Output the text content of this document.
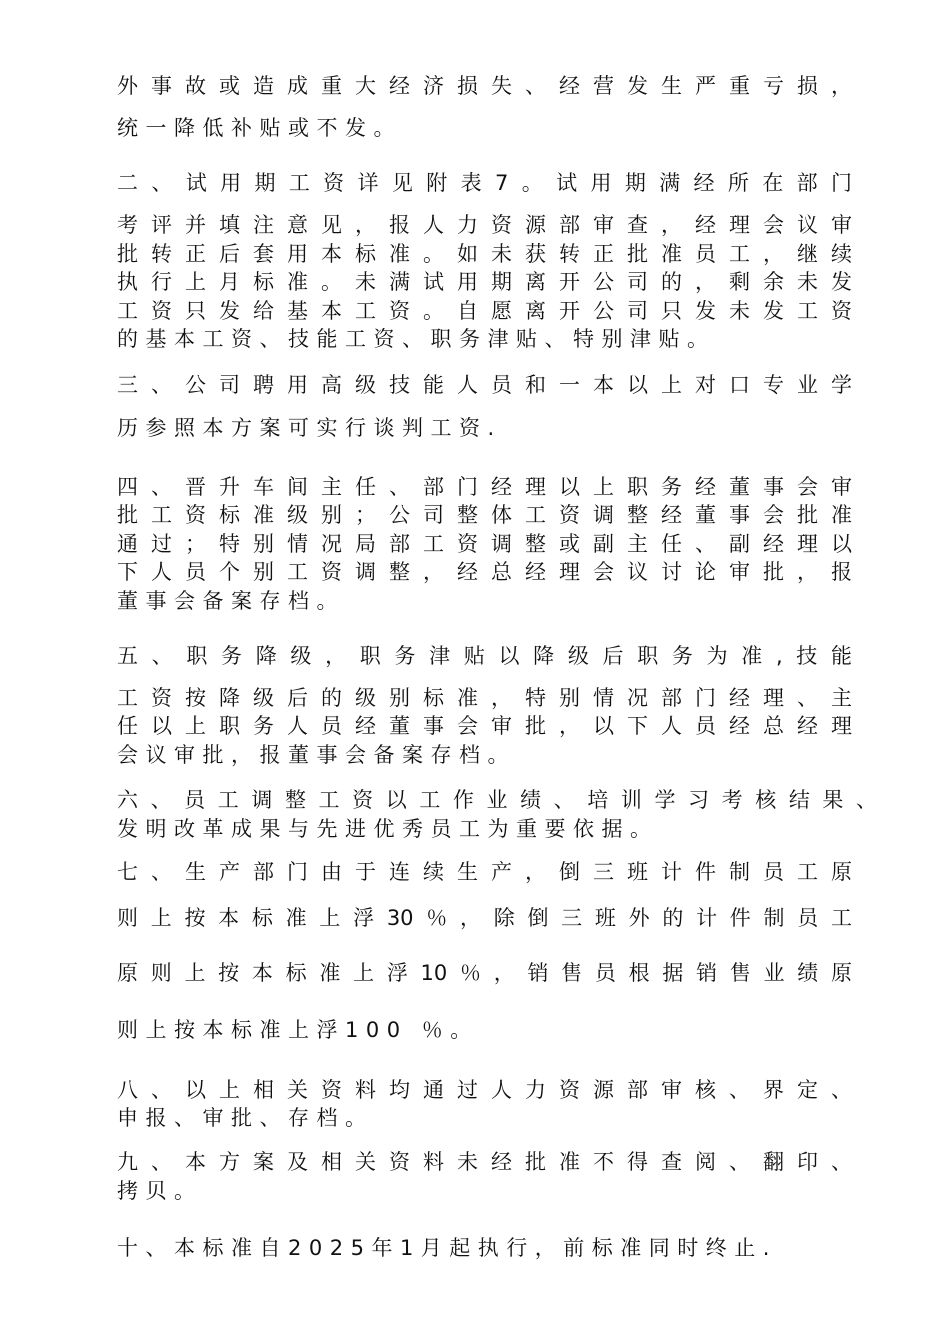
外事故或造成重大经济损失、经营发生严重亏损，
统一降低补贴或不发。
二、试用期工资详见附表7。试用期满经所在部门
考评并填注意见，报人力资源部审查，经理会议审
批转正后套用本标准。如未获转正批准员工，继续
执行上月标准。未满试用期离开公司的，剩余未发
工资只发给基本工资。自愿离开公司只发未发工资
的基本工资、技能工资、职务津贴、特别津贴。
三、公司聘用高级技能人员和一本以上对口专业学
历参照本方案可实行谈判工资.
四、晋升车间主任、部门经理以上职务经董事会审
批工资标准级别；公司整体工资调整经董事会批准
通过；特别情况局部工资调整或副主任、副经理以
下人员个别工资调整，经总经理会议讨论审批，报
董事会备案存档。
五、职务降级，职务津贴以降级后职务为准,技能
工资按降级后的级别标准，特别情况部门经理、主
任以上职务人员经董事会审批，以下人员经总经理
会议审批，报董事会备案存档。
六、员工调整工资以工作业绩、培训学习考核结果、
发明改革成果与先进优秀员工为重要依据。
七、生产部门由于连续生产，倒三班计件制员工原
则上按本标准上浮30％，除倒三班外的计件制员工
原则上按本标准上浮10％，销售员根据销售业绩原
则上按本标准上浮100 ％。
八、以上相关资料均通过人力资源部审核、界定、
申报、审批、存档。
九、本方案及相关资料未经批准不得查阅、翻印、
拷贝。
十、本标准自2025年1月起执行，前标准同时终止.
